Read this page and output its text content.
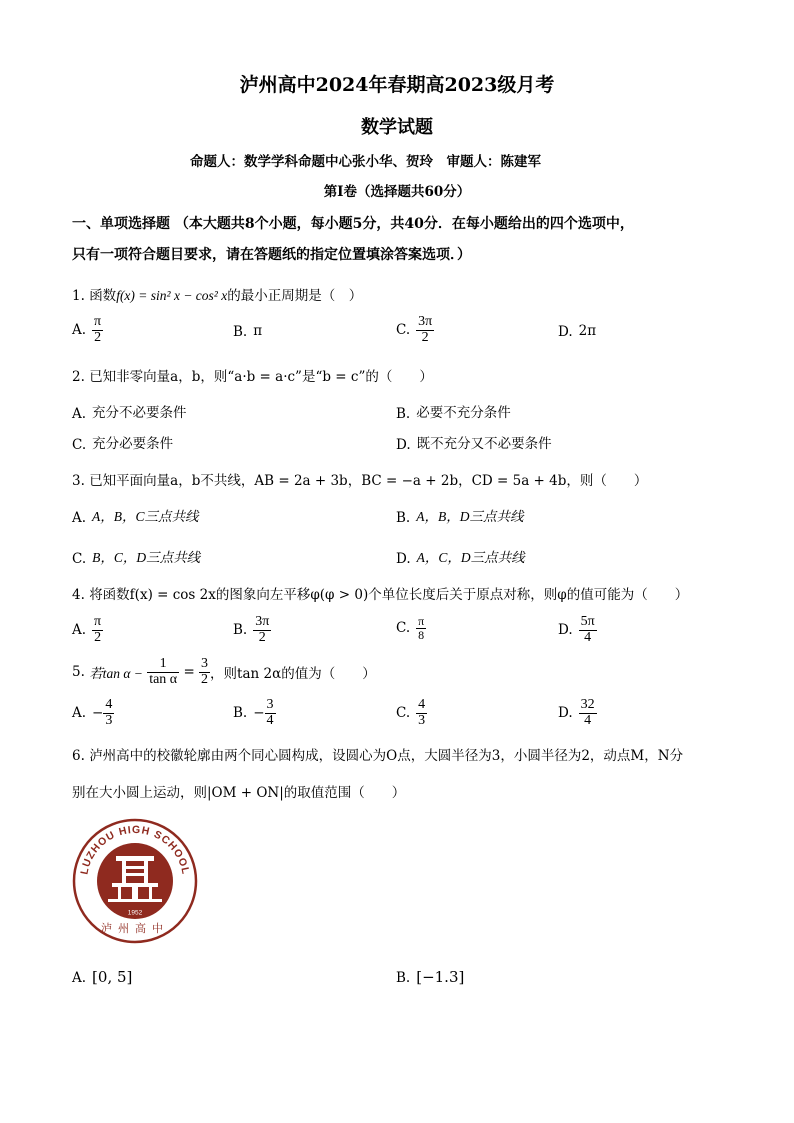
泸州高中2024年春期高2023级月考
数学试题
命题人：数学学科命题中心张小华、贺玲　审题人：陈建军
第Ⅰ卷（选择题共60分）
一、单项选择题 （本大题共8个小题，每小题5分，共40分．在每小题给出的四个选项中，
只有一项符合题目要求，请在答题纸的指定位置填涂答案选项．）
1. 函数f(x) = sin² x − cos² x的最小正周期是（　）
A. $\frac{\pi}{2}$	B. π	C. $\frac{3\pi}{2}$	D. 2π
2. 已知非零向量a，b，则“a·b = a·c”是“b = c”的（　　）
A. 充分不必要条件	B. 必要不充分条件
C. 充分必要条件	D. 既不充分又不必要条件
3. 已知平面向量a，b不共线，AB = 2a + 3b，BC = −a + 2b，CD = 5a + 4b，则（　　）
A. A，B，C三点共线	B. A，B，D三点共线
C. B，C，D三点共线	D. A，C，D三点共线
4. 将函数f(x) = cos 2x的图象向左平移φ(φ > 0)个单位长度后关于原点对称，则φ的值可能为（　　）
A. $\frac{\pi}{2}$	B. $\frac{3\pi}{2}$	C. $\frac{\pi}{8}$	D. $\frac{5\pi}{4}$
5. 若$\tan \alpha - \frac{1}{\text{tan α}} = \frac{3}{2}$ ，则tan 2α的值为（　　）
A. − $\frac{4}{3}$	B. − $\frac{3}{4}$	C. $\frac{4}{3}$	D. $\frac{32}{4}$
6. 泸州高中的校徽轮廓由两个同心圆构成，设圆心为O点，大圆半径为3，小圆半径为2，动点M，N分
别在大小圆上运动，则|OM + ON|的取值范围（　　）
LUZHOU HIGH SCHOOL
1952
泸州高中
A. [0, 5]	B. [−1.3]
